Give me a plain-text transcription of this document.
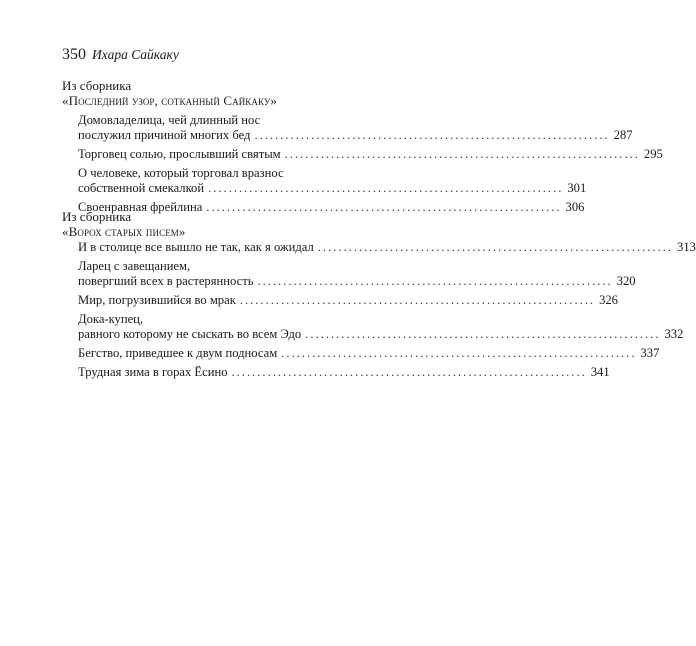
350 Ихара Сайкаку
Из сборника
«Последний узор, сотканный Сайкаку»
Домовладелица, чей длинный нос
послужил причиной многих бед ..................................................................... 287
Торговец солью, прослывший святым ..................................................................... 295
О человеке, который торговал вразнос
собственной смекалкой ..................................................................... 301
Своенравная фрейлина ..................................................................... 306
Из сборника
«Ворох старых писем»
И в столице все вышло не так, как я ожидал ..................................................................... 313
Ларец с завещанием,
повергший всех в растерянность ..................................................................... 320
Мир, погрузившийся во мрак ..................................................................... 326
Дока-купец,
равного которому не сыскать во всем Эдо ..................................................................... 332
Бегство, приведшее к двум подносам ..................................................................... 337
Трудная зима в горах Ёсино ..................................................................... 341
